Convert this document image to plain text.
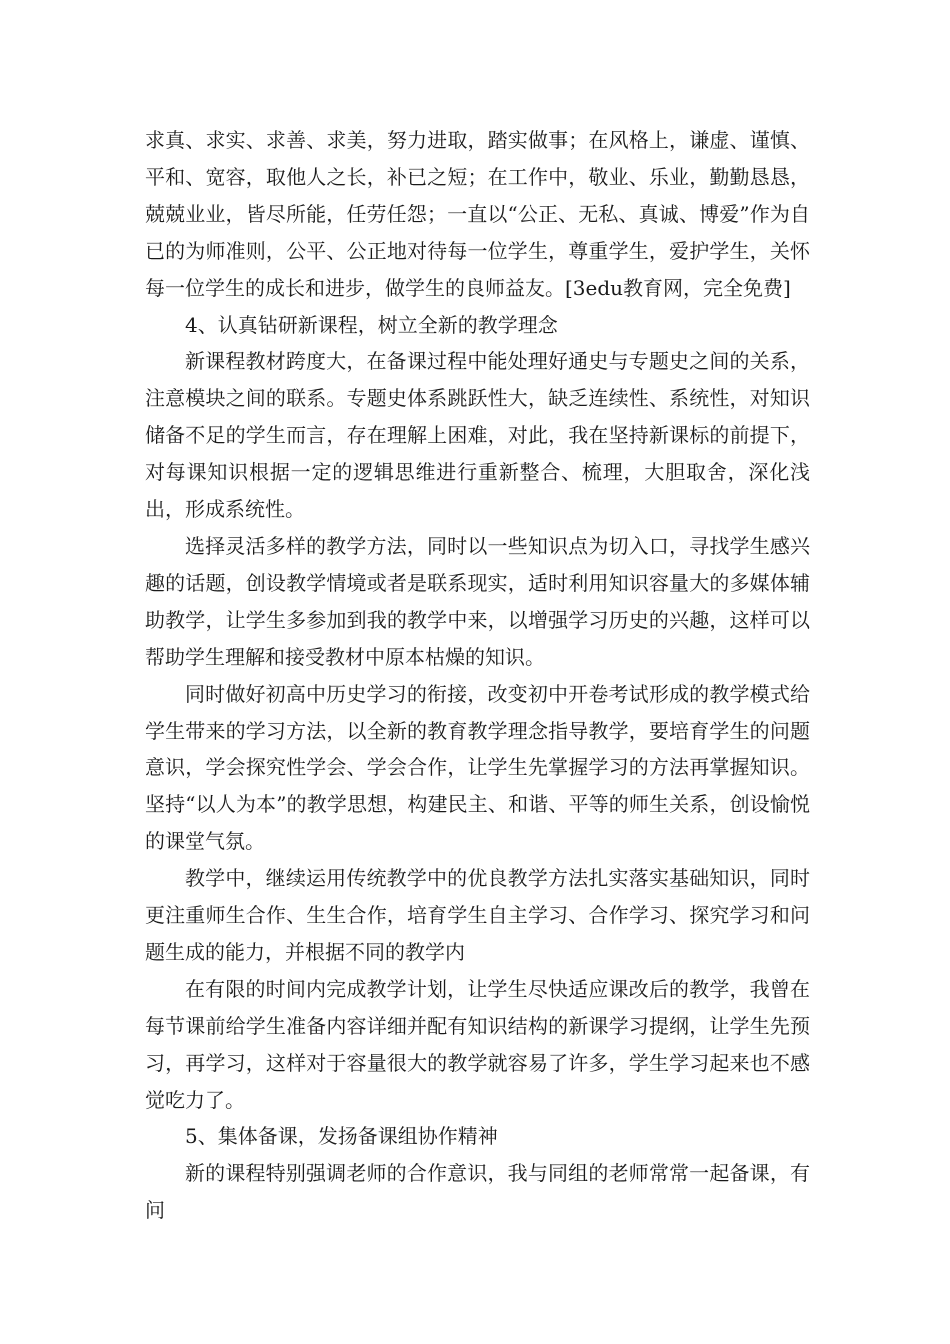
求真、求实、求善、求美，努力进取，踏实做事；在风格上，谦虚、谨慎、平和、宽容，取他人之长，补已之短；在工作中，敬业、乐业，勤勤恳恳，兢兢业业，皆尽所能，任劳任怨；一直以“公正、无私、真诚、博爱”作为自已的为师准则，公平、公正地对待每一位学生，尊重学生，爱护学生，关怀每一位学生的成长和进步，做学生的良师益友。[3edu教育网，完全免费]

4、认真钻研新课程，树立全新的教学理念

新课程教材跨度大，在备课过程中能处理好通史与专题史之间的关系，注意模块之间的联系。专题史体系跳跃性大，缺乏连续性、系统性，对知识储备不足的学生而言，存在理解上困难，对此，我在坚持新课标的前提下，对每课知识根据一定的逻辑思维进行重新整合、梳理，大胆取舍，深化浅出，形成系统性。

选择灵活多样的教学方法，同时以一些知识点为切入口，寻找学生感兴趣的话题，创设教学情境或者是联系现实，适时利用知识容量大的多媒体辅助教学，让学生多参加到我的教学中来，以增强学习历史的兴趣，这样可以帮助学生理解和接受教材中原本枯燥的知识。

同时做好初高中历史学习的衔接，改变初中开卷考试形成的教学模式给学生带来的学习方法，以全新的教育教学理念指导教学，要培育学生的问题意识，学会探究性学会、学会合作，让学生先掌握学习的方法再掌握知识。坚持“以人为本”的教学思想，构建民主、和谐、平等的师生关系，创设愉悦的课堂气氛。

教学中，继续运用传统教学中的优良教学方法扎实落实基础知识，同时更注重师生合作、生生合作，培育学生自主学习、合作学习、探究学习和问题生成的能力，并根据不同的教学内

在有限的时间内完成教学计划，让学生尽快适应课改后的教学，我曾在每节课前给学生准备内容详细并配有知识结构的新课学习提纲，让学生先预习，再学习，这样对于容量很大的教学就容易了许多，学生学习起来也不感觉吃力了。

5、集体备课，发扬备课组协作精神

新的课程特别强调老师的合作意识，我与同组的老师常常一起备课，有问
